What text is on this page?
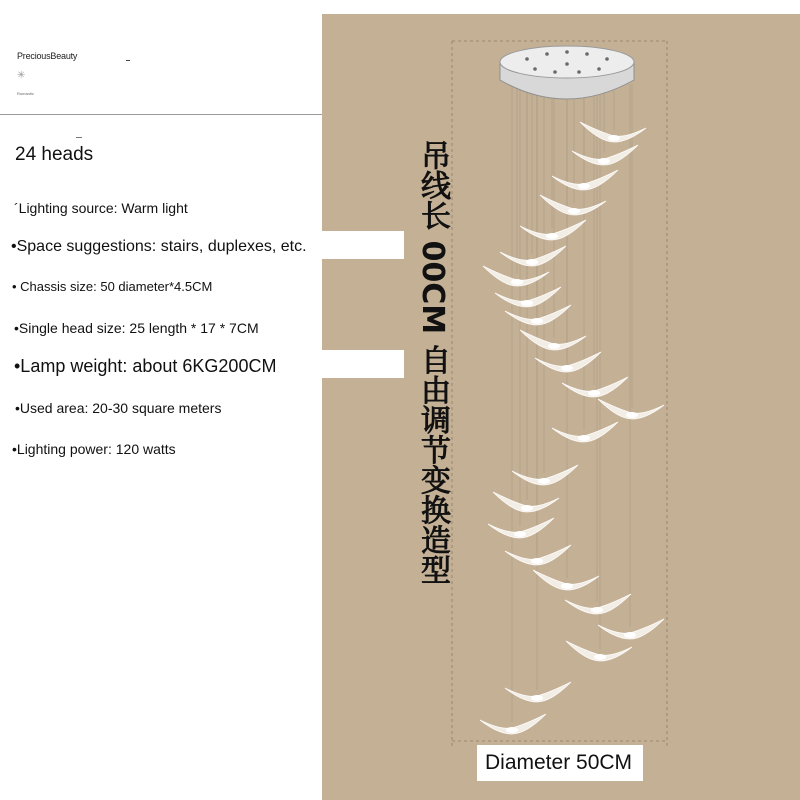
PreciousBeauty
✳
Romantic
24 heads
´Lighting source: Warm light
•Space suggestions: stairs, duplexes, etc.
• Chassis size: 50 diameter*4.5CM
•Single head size: 25 length * 17 * 7CM
•Lamp weight: about 6KG200CM
•Used area: 20-30 square meters
•Lighting power: 120 watts	吊线长 00CM 自由调节变换造型
Diameter 50CM
